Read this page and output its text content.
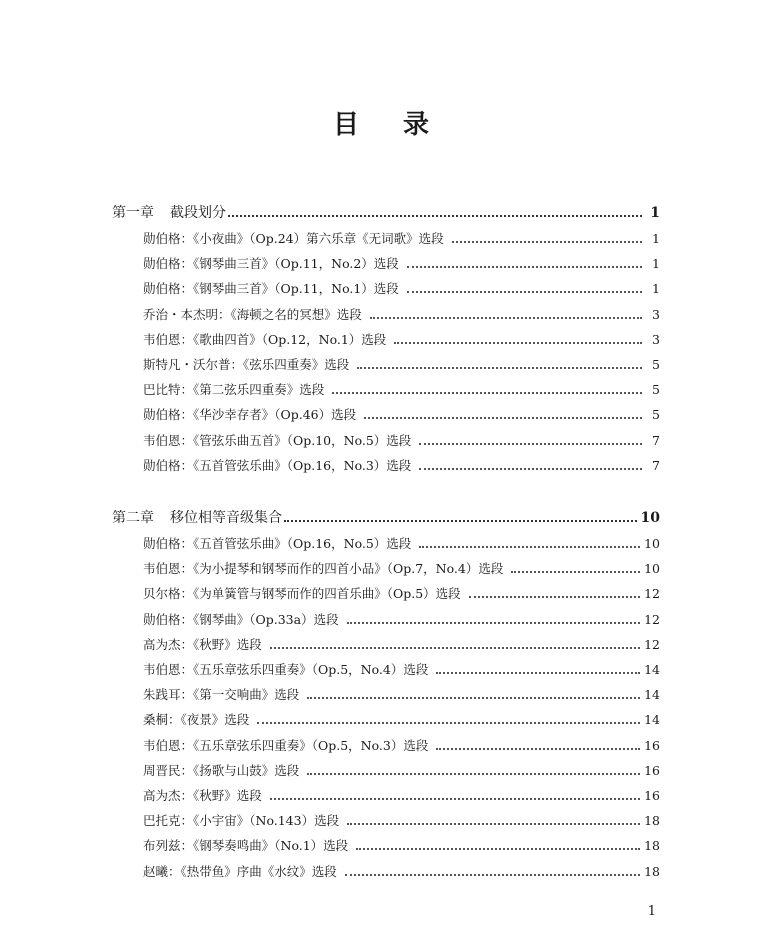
目 录
第一章 截段划分	1
勋伯格：《小夜曲》（Op.24）第六乐章《无词歌》选段	1
勋伯格：《钢琴曲三首》（Op.11，No.2）选段	1
勋伯格：《钢琴曲三首》（Op.11，No.1）选段	1
乔治・本杰明：《海顿之名的冥想》选段	3
韦伯恩：《歌曲四首》（Op.12，No.1）选段	3
斯特凡・沃尔普：《弦乐四重奏》选段	5
巴比特：《第二弦乐四重奏》选段	5
勋伯格：《华沙幸存者》（Op.46）选段	5
韦伯恩：《管弦乐曲五首》（Op.10，No.5）选段	7
勋伯格：《五首管弦乐曲》（Op.16，No.3）选段	7
第二章 移位相等音级集合	10
勋伯格：《五首管弦乐曲》（Op.16，No.5）选段	10
韦伯恩：《为小提琴和钢琴而作的四首小品》（Op.7，No.4）选段	10
贝尔格：《为单簧管与钢琴而作的四首乐曲》（Op.5）选段	12
勋伯格：《钢琴曲》（Op.33a）选段	12
高为杰：《秋野》选段	12
韦伯恩：《五乐章弦乐四重奏》（Op.5，No.4）选段	14
朱践耳：《第一交响曲》选段	14
桑桐：《夜景》选段	14
韦伯恩：《五乐章弦乐四重奏》（Op.5，No.3）选段	16
周晋民：《扬歌与山鼓》选段	16
高为杰：《秋野》选段	16
巴托克：《小宇宙》（No.143）选段	18
布列兹：《钢琴奏鸣曲》（No.1）选段	18
赵曦：《热带鱼》序曲《水纹》选段	18
1
